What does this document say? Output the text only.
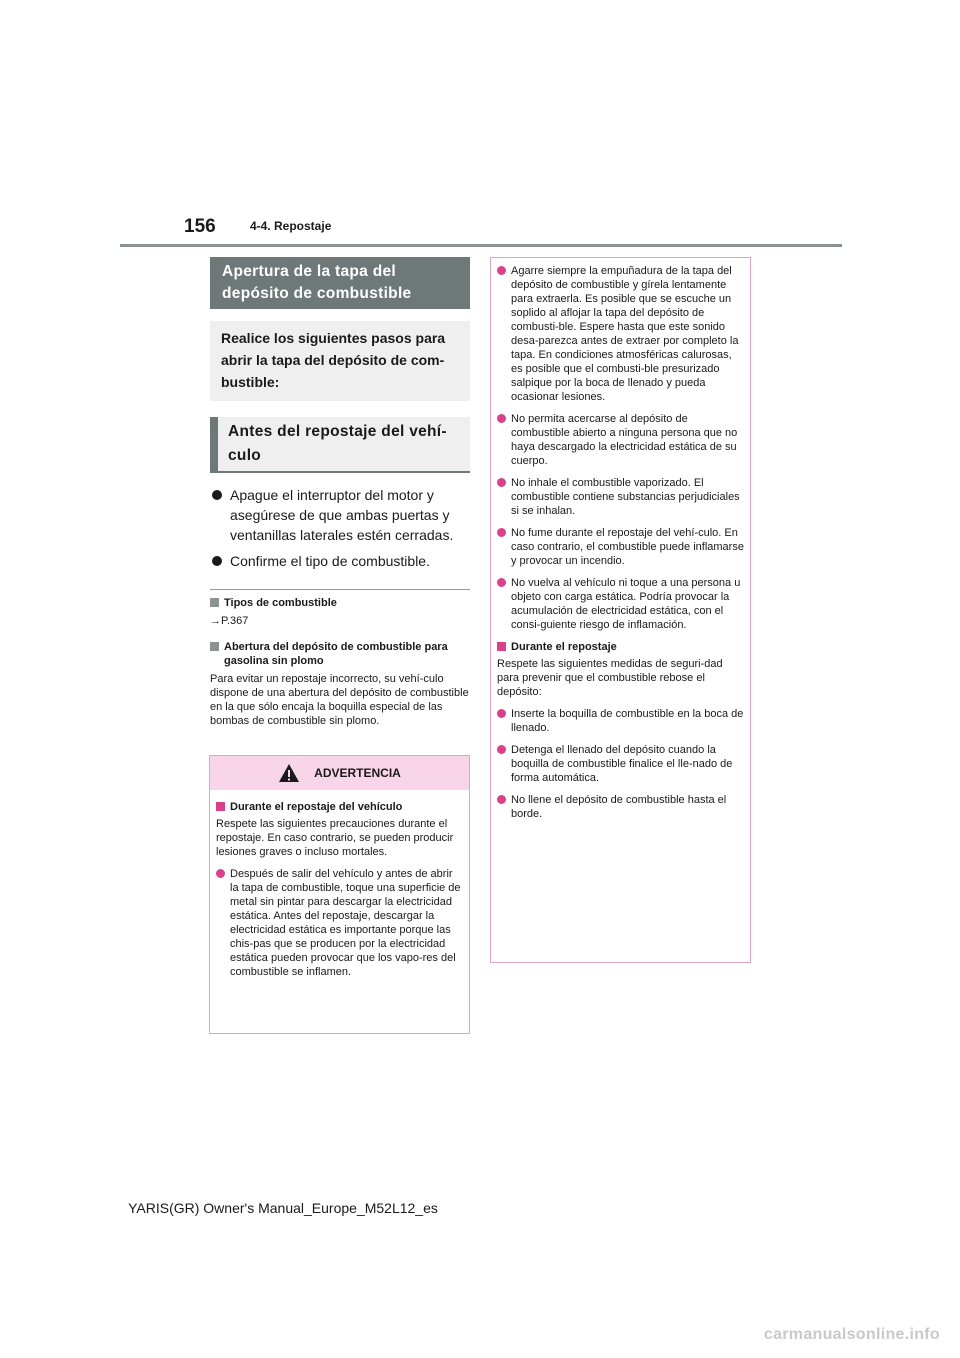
156	4-4. Repostaje
Apertura de la tapa del depósito de combustible
Realice los siguientes pasos para abrir la tapa del depósito de com-bustible:
Antes del repostaje del vehí-culo
Apague el interruptor del motor y asegúrese de que ambas puertas y ventanillas laterales estén cerradas.
Confirme el tipo de combustible.
Tipos de combustible
→P.367
Abertura del depósito de combustible para gasolina sin plomo
Para evitar un repostaje incorrecto, su vehí-culo dispone de una abertura del depósito de combustible en la que sólo encaja la boquilla especial de las bombas de combustible sin plomo.
ADVERTENCIA
Durante el repostaje del vehículo
Respete las siguientes precauciones durante el repostaje. En caso contrario, se pueden producir lesiones graves o incluso mortales.
Después de salir del vehículo y antes de abrir la tapa de combustible, toque una superficie de metal sin pintar para descargar la electricidad estática. Antes del repostaje, descargar la electricidad estática es importante porque las chis-pas que se producen por la electricidad estática pueden provocar que los vapo-res del combustible se inflamen.
Agarre siempre la empuñadura de la tapa del depósito de combustible y gírela lentamente para extraerla. Es posible que se escuche un soplido al aflojar la tapa del depósito de combusti-ble. Espere hasta que este sonido desa-parezca antes de extraer por completo la tapa. En condiciones atmosféricas calurosas, es posible que el combusti-ble presurizado salpique por la boca de llenado y pueda ocasionar lesiones.
No permita acercarse al depósito de combustible abierto a ninguna persona que no haya descargado la electricidad estática de su cuerpo.
No inhale el combustible vaporizado. El combustible contiene substancias perjudiciales si se inhalan.
No fume durante el repostaje del vehí-culo. En caso contrario, el combustible puede inflamarse y provocar un incendio.
No vuelva al vehículo ni toque a una persona u objeto con carga estática. Podría provocar la acumulación de electricidad estática, con el consi-guiente riesgo de inflamación.
Durante el repostaje
Respete las siguientes medidas de seguri-dad para prevenir que el combustible rebose el depósito:
Inserte la boquilla de combustible en la boca de llenado.
Detenga el llenado del depósito cuando la boquilla de combustible finalice el lle-nado de forma automática.
No llene el depósito de combustible hasta el borde.
YARIS(GR) Owner's Manual_Europe_M52L12_es
carmanualsonline.info
